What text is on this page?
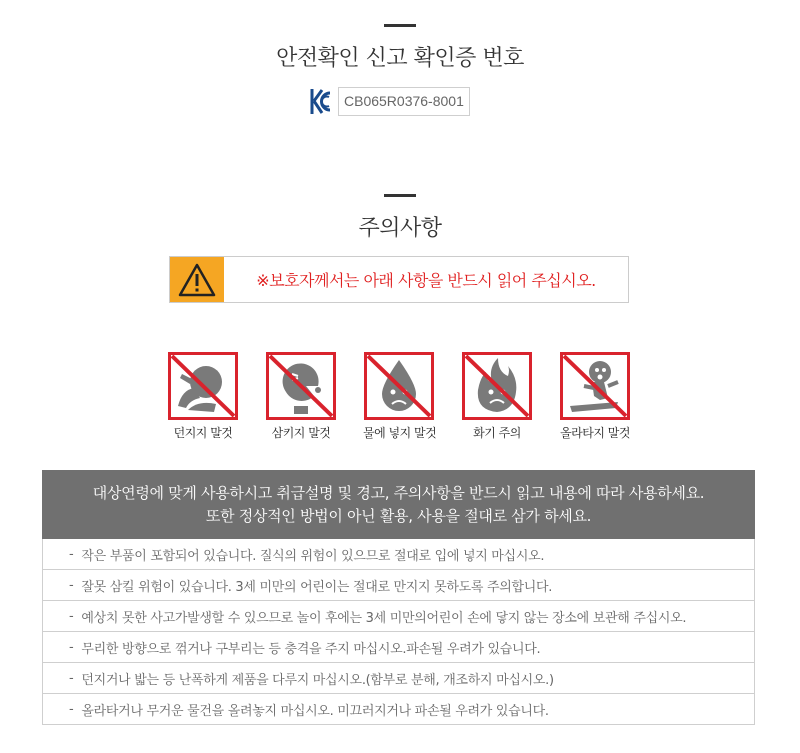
안전확인 신고 확인증 번호
CB065R0376-8001
주의사항
※보호자께서는 아래 사항을 반드시 읽어 주십시오.
던지지 말것	삼키지 말것	물에 넣지 말것	화기 주의	올라타지 말것
대상연령에 맞게 사용하시고 취급설명 및 경고, 주의사항을 반드시 읽고 내용에 따라 사용하세요.
또한 정상적인 방법이 아닌 활용, 사용을 절대로 삼가 하세요.
- 작은 부품이 포함되어 있습니다. 질식의 위험이 있으므로 절대로 입에 넣지 마십시오.
- 잘못 삼킬 위험이 있습니다. 3세 미만의 어린이는 절대로 만지지 못하도록 주의합니다.
- 예상치 못한 사고가발생할 수 있으므로 놀이 후에는 3세 미만의어린이 손에 닿지 않는 장소에 보관해 주십시오.
- 무리한 방향으로 꺾거나 구부리는 등 충격을 주지 마십시오.파손될 우려가 있습니다.
- 던지거나 밟는 등 난폭하게 제품을 다루지 마십시오.(함부로 분해, 개조하지 마십시오.)
- 올라타거나 무거운 물건을 올려놓지 마십시오. 미끄러지거나 파손될 우려가 있습니다.
